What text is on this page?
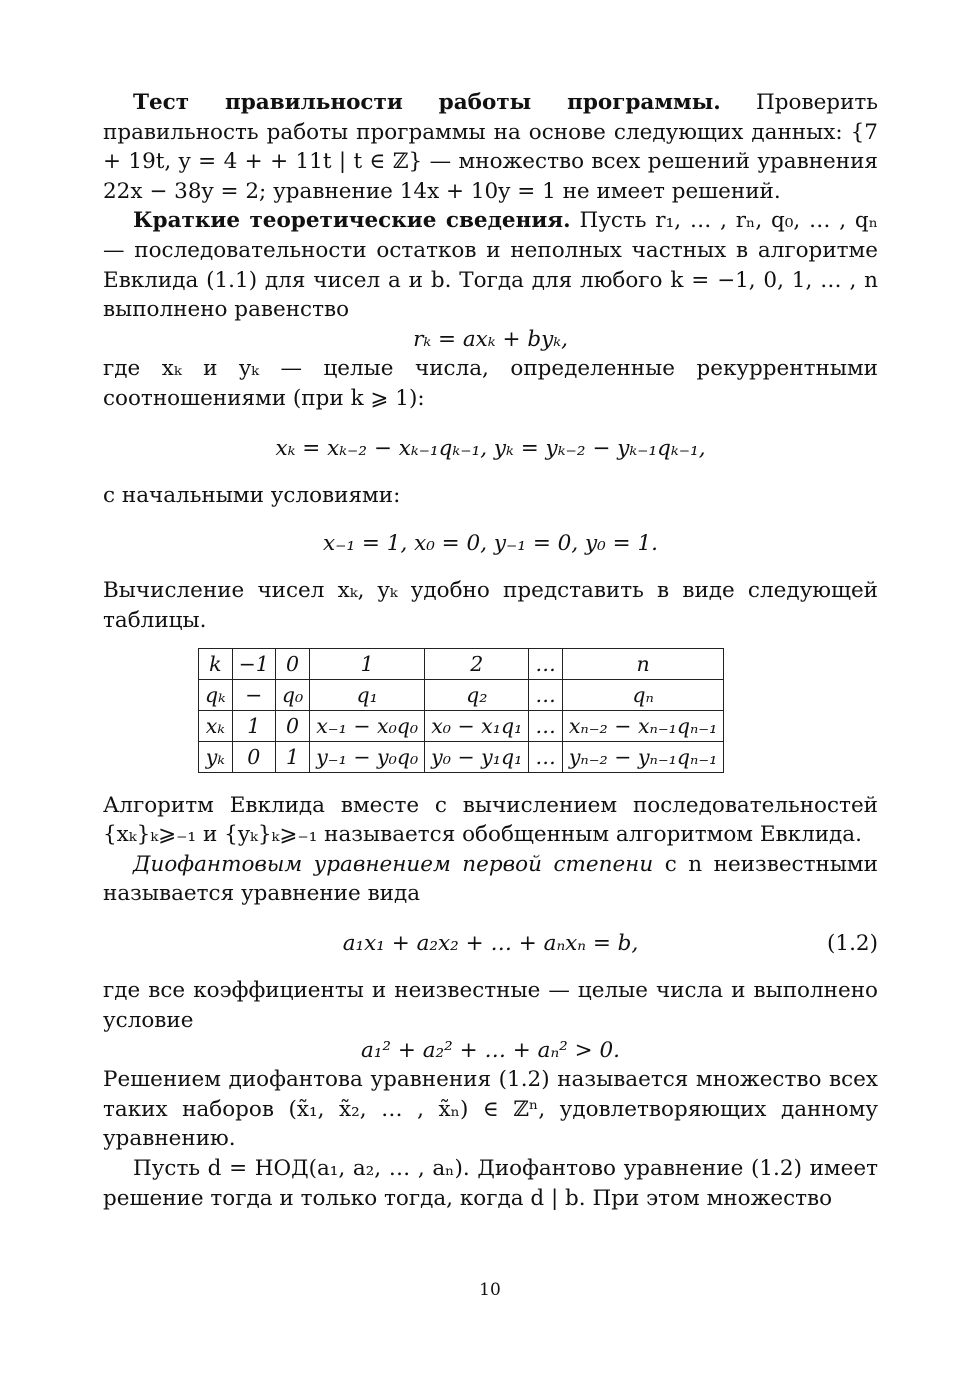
Тест правильности работы программы. Проверить правильность работы программы на основе следующих данных: {7 + 19t, y = 4 + + 11t | t ∈ ℤ} — множество всех решений уравнения 22x − 38y = 2; уравнение 14x + 10y = 1 не имеет решений.

Краткие теоретические сведения. Пусть r₁, … , rₙ, q₀, … , qₙ — последовательности остатков и неполных частных в алгоритме Евклида (1.1) для чисел a и b. Тогда для любого k = −1, 0, 1, … , n выполнено равенство

rₖ = axₖ + byₖ,

где xₖ и yₖ — целые числа, определенные рекуррентными соотношениями (при k ⩾ 1):

xₖ = xₖ₋₂ − xₖ₋₁qₖ₋₁, yₖ = yₖ₋₂ − yₖ₋₁qₖ₋₁,

с начальными условиями:

x₋₁ = 1, x₀ = 0, y₋₁ = 0, y₀ = 1.

Вычисление чисел xₖ, yₖ удобно представить в виде следующей таблицы.

k	−1	0	1	2	…	n
qₖ	−	q₀	q₁	q₂	…	qₙ
xₖ	1	0	x₋₁ − x₀q₀	x₀ − x₁q₁	…	xₙ₋₂ − xₙ₋₁qₙ₋₁
yₖ	0	1	y₋₁ − y₀q₀	y₀ − y₁q₁	…	yₙ₋₂ − yₙ₋₁qₙ₋₁

Алгоритм Евклида вместе с вычислением последовательностей {xₖ}ₖ⩾₋₁ и {yₖ}ₖ⩾₋₁ называется обобщенным алгоритмом Евклида.

Диофантовым уравнением первой степени с n неизвестными называется уравнение вида

a₁x₁ + a₂x₂ + … + aₙxₙ = b,	(1.2)

где все коэффициенты и неизвестные — целые числа и выполнено условие

a₁² + a₂² + … + aₙ² > 0.

Решением диофантова уравнения (1.2) называется множество всех таких наборов (x̃₁, x̃₂, … , x̃ₙ) ∈ ℤⁿ, удовлетворяющих данному уравнению.

Пусть d = НОД(a₁, a₂, … , aₙ). Диофантово уравнение (1.2) имеет решение тогда и только тогда, когда d | b. При этом множество

10
